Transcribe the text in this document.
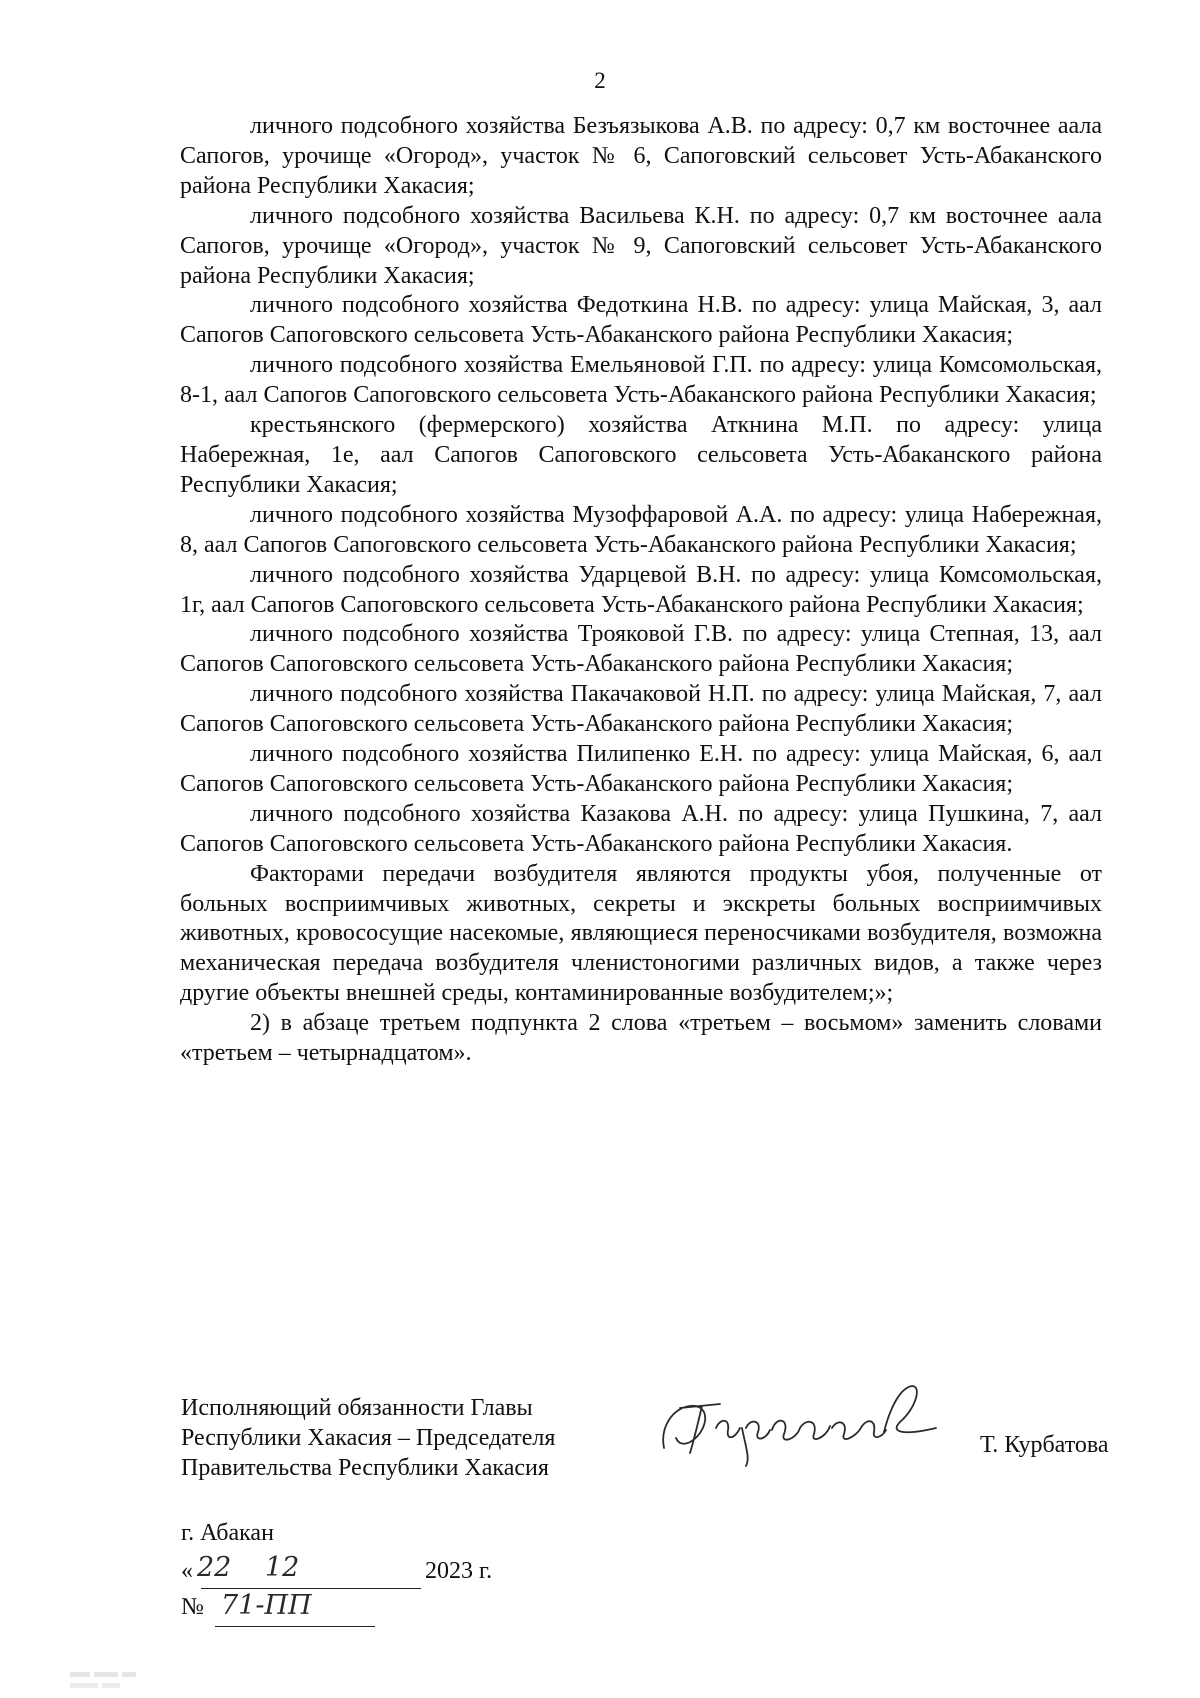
2

личного подсобного хозяйства Безъязыкова А.В. по адресу: 0,7 км восточнее аала Сапогов, урочище «Огород», участок № 6, Сапоговский сельсовет Усть-Абаканского района Республики Хакасия;

личного подсобного хозяйства Васильева К.Н. по адресу: 0,7 км восточнее аала Сапогов, урочище «Огород», участок № 9, Сапоговский сельсовет Усть-Абаканского района Республики Хакасия;

личного подсобного хозяйства Федоткина Н.В. по адресу: улица Майская, 3, аал Сапогов Сапоговского сельсовета Усть-Абаканского района Республики Хакасия;

личного подсобного хозяйства Емельяновой Г.П. по адресу: улица Комсомольская, 8-1, аал Сапогов Сапоговского сельсовета Усть-Абаканского района Республики Хакасия;

крестьянского (фермерского) хозяйства Аткнина М.П. по адресу: улица Набережная, 1е, аал Сапогов Сапоговского сельсовета Усть-Абаканского района Республики Хакасия;

личного подсобного хозяйства Музоффаровой А.А. по адресу: улица Набережная, 8, аал Сапогов Сапоговского сельсовета Усть-Абаканского района Республики Хакасия;

личного подсобного хозяйства Ударцевой В.Н. по адресу: улица Комсомольская, 1г, аал Сапогов Сапоговского сельсовета Усть-Абаканского района Республики Хакасия;

личного подсобного хозяйства Трояковой Г.В. по адресу: улица Степная, 13, аал Сапогов Сапоговского сельсовета Усть-Абаканского района Республики Хакасия;

личного подсобного хозяйства Пакачаковой Н.П. по адресу: улица Майская, 7, аал Сапогов Сапоговского сельсовета Усть-Абаканского района Республики Хакасия;

личного подсобного хозяйства Пилипенко Е.Н. по адресу: улица Майская, 6, аал Сапогов Сапоговского сельсовета Усть-Абаканского района Республики Хакасия;

личного подсобного хозяйства Казакова А.Н. по адресу: улица Пушкина, 7, аал Сапогов Сапоговского сельсовета Усть-Абаканского района Республики Хакасия.

Факторами передачи возбудителя являются продукты убоя, полученные от больных восприимчивых животных, секреты и экскреты больных восприимчивых животных, кровососущие насекомые, являющиеся переносчиками возбудителя, возможна механическая передача возбудителя членистоногими различных видов, а также через другие объекты внешней среды, контаминированные возбудителем;»;

2) в абзаце третьем подпункта 2 слова «третьем – восьмом» заменить словами «третьем – четырнадцатом».

Исполняющий обязанности Главы
Республики Хакасия – Председателя
Правительства Республики Хакасия
Т. Курбатова
г. Абакан
« 22 12	2023 г.
№ 71-ПП
